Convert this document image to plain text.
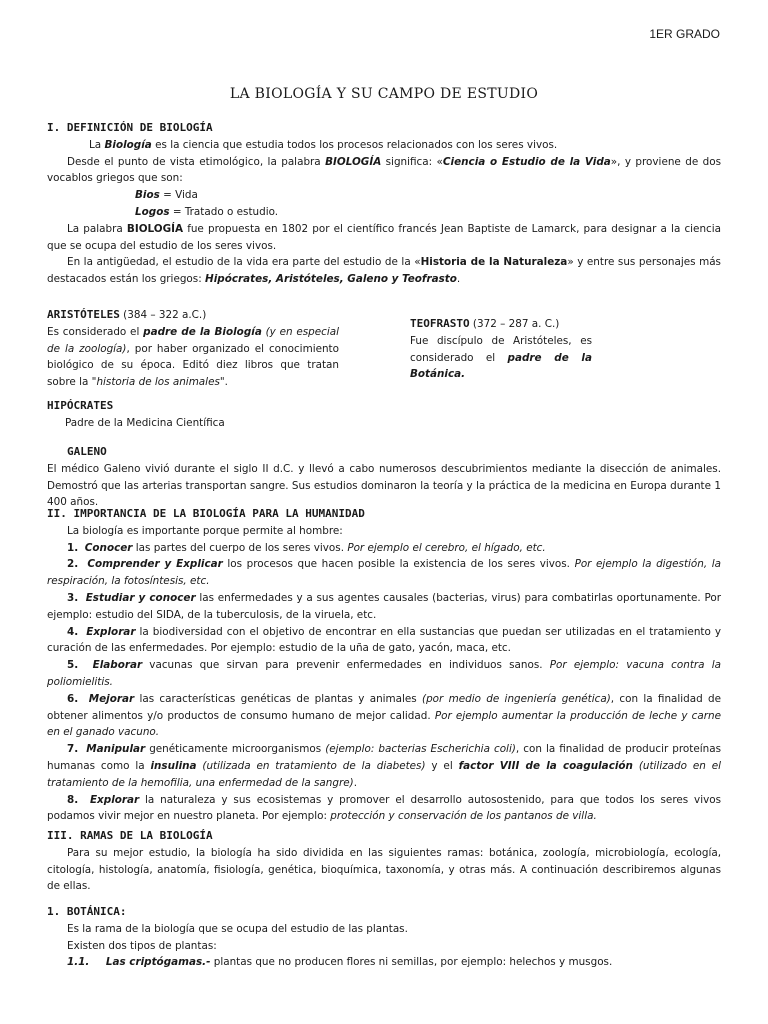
1ER GRADO
LA BIOLOGÍA Y SU CAMPO DE ESTUDIO

I. DEFINICIÓN DE BIOLOGÍA

La Biología es la ciencia que estudia todos los procesos relacionados con los seres vivos.

Desde el punto de vista etimológico, la palabra BIOLOGÍA significa: «Ciencia o Estudio de la Vida», y proviene de dos vocablos griegos que son:

Bios = Vida

Logos = Tratado o estudio.

La palabra BIOLOGÍA fue propuesta en 1802 por el científico francés Jean Baptiste de Lamarck, para designar a la ciencia que se ocupa del estudio de los seres vivos.

En la antigüedad, el estudio de la vida era parte del estudio de la «Historia de la Naturaleza» y entre sus personajes más destacados están los griegos: Hipócrates, Aristóteles, Galeno y Teofrasto.

ARISTÓTELES (384 – 322 a.C.)

Es considerado el padre de la Biología (y en especial de la zoología), por haber organizado el conocimiento biológico de su época. Editó diez libros que tratan sobre la "historia de los animales".

TEOFRASTO (372 – 287 a. C.)

Fue discípulo de Aristóteles, es considerado el padre de la Botánica.

HIPÓCRATES

Padre de la Medicina Científica

GALENO

El médico Galeno vivió durante el siglo II d.C. y llevó a cabo numerosos descubrimientos mediante la disección de animales. Demostró que las arterias transportan sangre. Sus estudios dominaron la teoría y la práctica de la medicina en Europa durante 1 400 años.

II. IMPORTANCIA DE LA BIOLOGÍA PARA LA HUMANIDAD

La biología es importante porque permite al hombre:

1. Conocer las partes del cuerpo de los seres vivos. Por ejemplo el cerebro, el hígado, etc.

2. Comprender y Explicar los procesos que hacen posible la existencia de los seres vivos. Por ejemplo la digestión, la respiración, la fotosíntesis, etc.

3. Estudiar y conocer las enfermedades y a sus agentes causales (bacterias, virus) para combatirlas oportunamente. Por ejemplo: estudio del SIDA, de la tuberculosis, de la viruela, etc.

4. Explorar la biodiversidad con el objetivo de encontrar en ella sustancias que puedan ser utilizadas en el tratamiento y curación de las enfermedades. Por ejemplo: estudio de la uña de gato, yacón, maca, etc.

5. Elaborar vacunas que sirvan para prevenir enfermedades en individuos sanos. Por ejemplo: vacuna contra la poliomielitis.

6. Mejorar las características genéticas de plantas y animales (por medio de ingeniería genética), con la finalidad de obtener alimentos y/o productos de consumo humano de mejor calidad. Por ejemplo aumentar la producción de leche y carne en el ganado vacuno.

7. Manipular genéticamente microorganismos (ejemplo: bacterias Escherichia coli), con la finalidad de producir proteínas humanas como la insulina (utilizada en tratamiento de la diabetes) y el factor VIII de la coagulación (utilizado en el tratamiento de la hemofilia, una enfermedad de la sangre).

8. Explorar la naturaleza y sus ecosistemas y promover el desarrollo autosostenido, para que todos los seres vivos podamos vivir mejor en nuestro planeta. Por ejemplo: protección y conservación de los pantanos de villa.

III. RAMAS DE LA BIOLOGÍA

Para su mejor estudio, la biología ha sido dividida en las siguientes ramas: botánica, zoología, microbiología, ecología, citología, histología, anatomía, fisiología, genética, bioquímica, taxonomía, y otras más. A continuación describiremos algunas de ellas.

1. BOTÁNICA:

Es la rama de la biología que se ocupa del estudio de las plantas.

Existen dos tipos de plantas:

1.1. Las criptógamas.- plantas que no producen flores ni semillas, por ejemplo: helechos y musgos.
